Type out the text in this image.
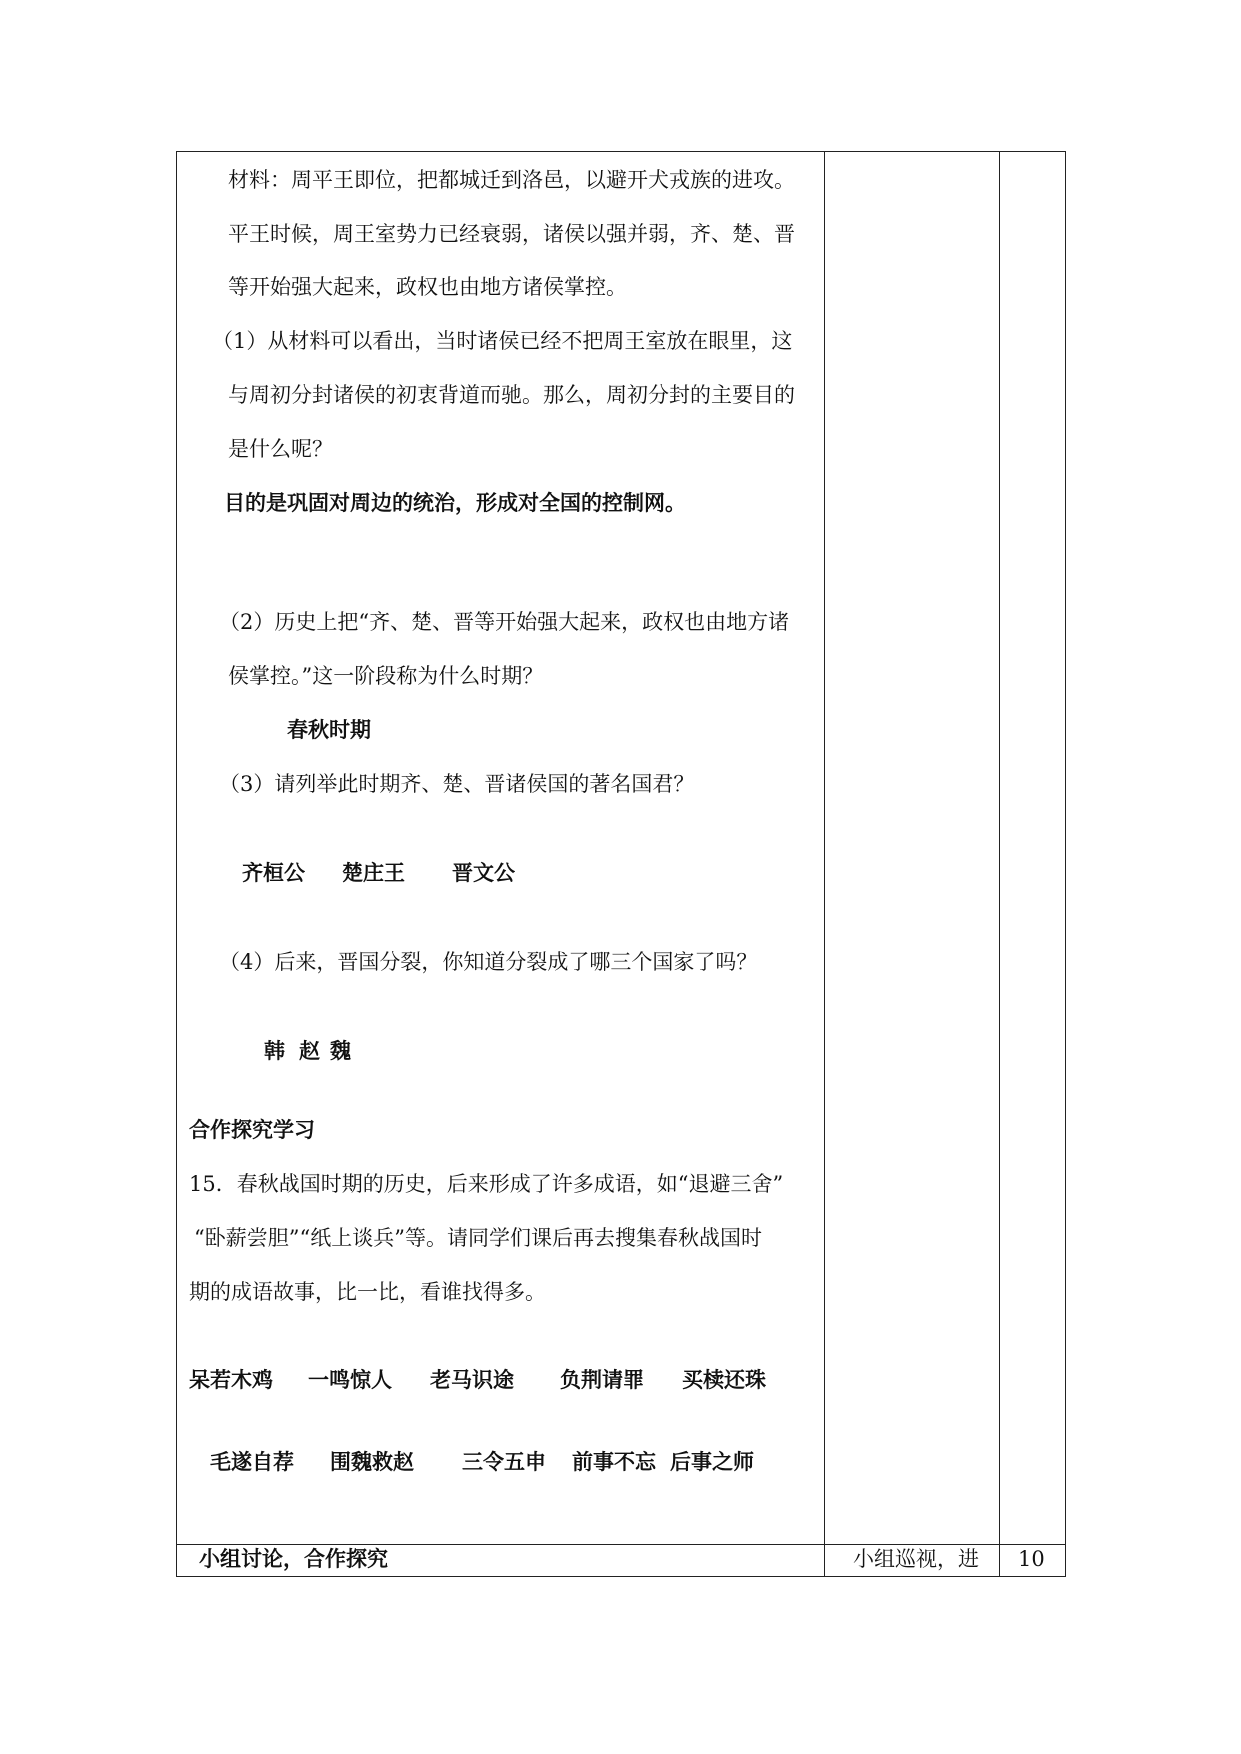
材料：周平王即位，把都城迁到洛邑，以避开犬戎族的进攻。
平王时候，周王室势力已经衰弱，诸侯以强并弱，齐、楚、晋
等开始强大起来，政权也由地方诸侯掌控。
（1）从材料可以看出，当时诸侯已经不把周王室放在眼里，这
与周初分封诸侯的初衷背道而驰。那么，周初分封的主要目的
是什么呢？
目的是巩固对周边的统治，形成对全国的控制网。
（2）历史上把“齐、楚、晋等开始强大起来，政权也由地方诸
侯掌控。”这一阶段称为什么时期？
春秋时期
（3）请列举此时期齐、楚、晋诸侯国的著名国君？
齐桓公 楚庄王 晋文公
（4）后来，晋国分裂，你知道分裂成了哪三个国家了吗？
韩 赵 魏
合作探究学习
15．春秋战国时期的历史，后来形成了许多成语，如“退避三舍”
“卧薪尝胆”“纸上谈兵”等。请同学们课后再去搜集春秋战国时
期的成语故事，比一比，看谁找得多。
呆若木鸡 一鸣惊人 老马识途 负荆请罪 买椟还珠
毛遂自荐 围魏救赵 三令五申 前事不忘 后事之师
小组讨论，合作探究	小组巡视，进 10
